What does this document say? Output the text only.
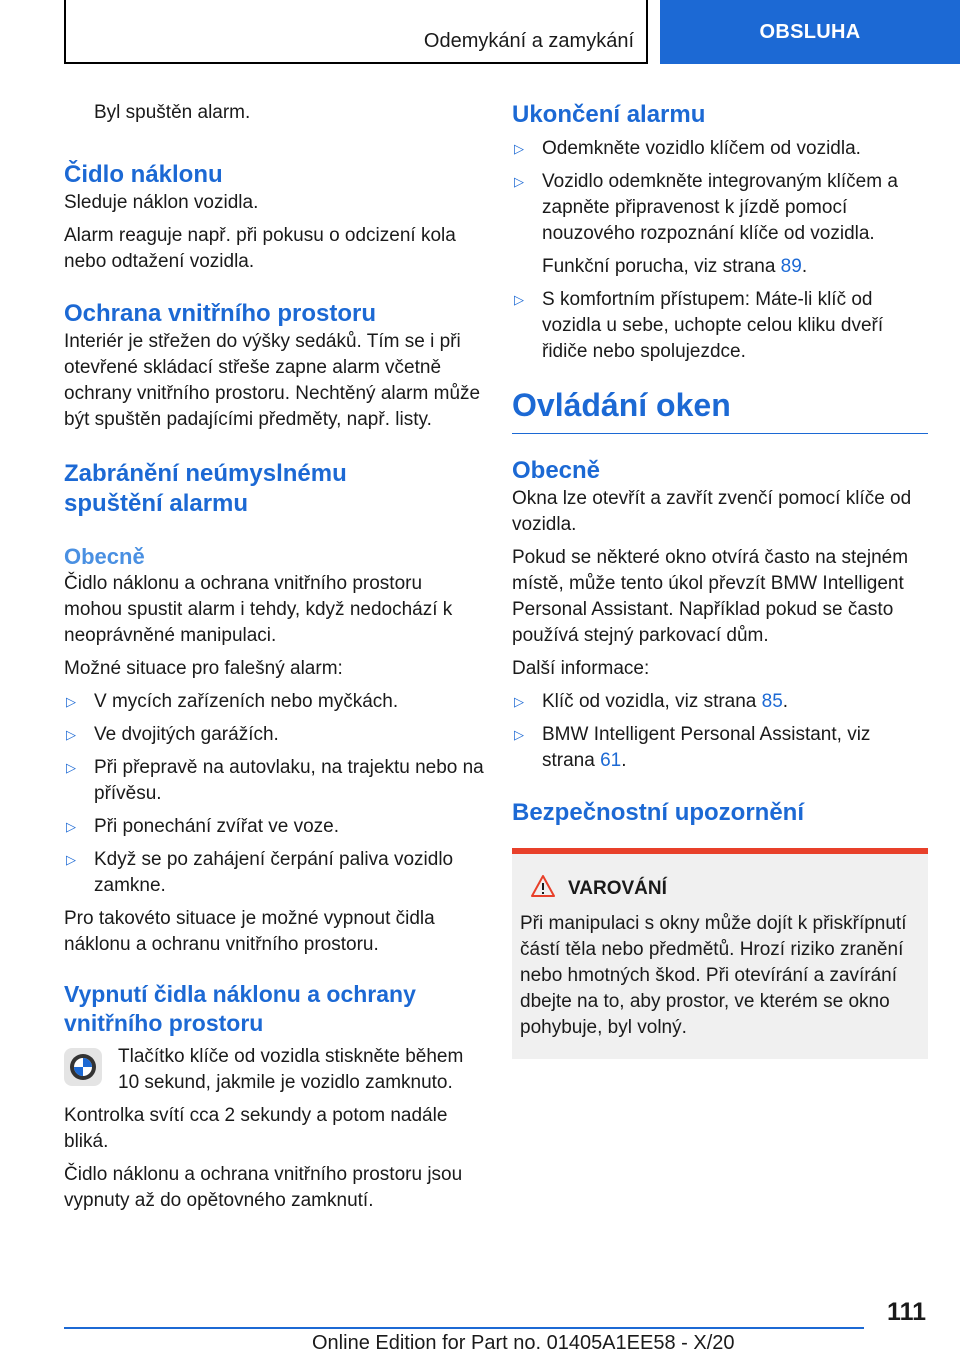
Odemykání a zamykání	OBSLUHA

Byl spuštěn alarm.

Čidlo náklonu

Sleduje náklon vozidla.

Alarm reaguje např. při pokusu o odcizení kola nebo odtažení vozidla.

Ochrana vnitřního prostoru

Interiér je střežen do výšky sedáků. Tím se i při otevřené skládací střeše zapne alarm včetně ochrany vnitřního prostoru. Nechtěný alarm může být spuštěn padajícími předměty, např. listy.

Zabránění neúmyslnému
spuštění alarmu
Obecně

Čidlo náklonu a ochrana vnitřního prostoru mohou spustit alarm i tehdy, když nedochází k neoprávněné manipulaci.

Možné situace pro falešný alarm:

▷ V mycích zařízeních nebo myčkách.
▷ Ve dvojitých garážích.
▷ Při přepravě na autovlaku, na trajektu nebo na přívěsu.
▷ Při ponechání zvířat ve voze.
▷ Když se po zahájení čerpání paliva vozidlo zamkne.

Pro takovéto situace je možné vypnout čidla náklonu a ochranu vnitřního prostoru.

Vypnutí čidla náklonu a ochrany
vnitřního prostoru

Tlačítko klíče od vozidla stiskněte během 10 sekund, jakmile je vozidlo zamknuto.

Kontrolka svítí cca 2 sekundy a potom nadále bliká.

Čidlo náklonu a ochrana vnitřního prostoru jsou vypnuty až do opětovného zamknutí.

Ukončení alarmu
▷ Odemkněte vozidlo klíčem od vozidla.
▷ Vozidlo odemkněte integrovaným klíčem a zapněte připravenost k jízdě pomocí nouzového rozpoznání klíče od vozidla.
Funkční porucha, viz strana 89.
▷ S komfortním přístupem: Máte-li klíč od vozidla u sebe, uchopte celou kliku dveří řidiče nebo spolujezdce.
Ovládání oken
Obecně

Okna lze otevřít a zavřít zvenčí pomocí klíče od vozidla.

Pokud se některé okno otvírá často na stejném místě, může tento úkol převzít BMW Intelligent Personal Assistant. Například pokud se často používá stejný parkovací dům.

Další informace:

▷ Klíč od vozidla, viz strana 85.
▷ BMW Intelligent Personal Assistant, viz strana 61.
Bezpečnostní upozornění
VAROVÁNÍ

Při manipulaci s okny může dojít k přiskřípnutí částí těla nebo předmětů. Hrozí riziko zranění nebo hmotných škod. Při otevírání a zavírání dbejte na to, aby prostor, ve kterém se okno pohybuje, byl volný.

111
Online Edition for Part no. 01405A1EE58 - X/20
